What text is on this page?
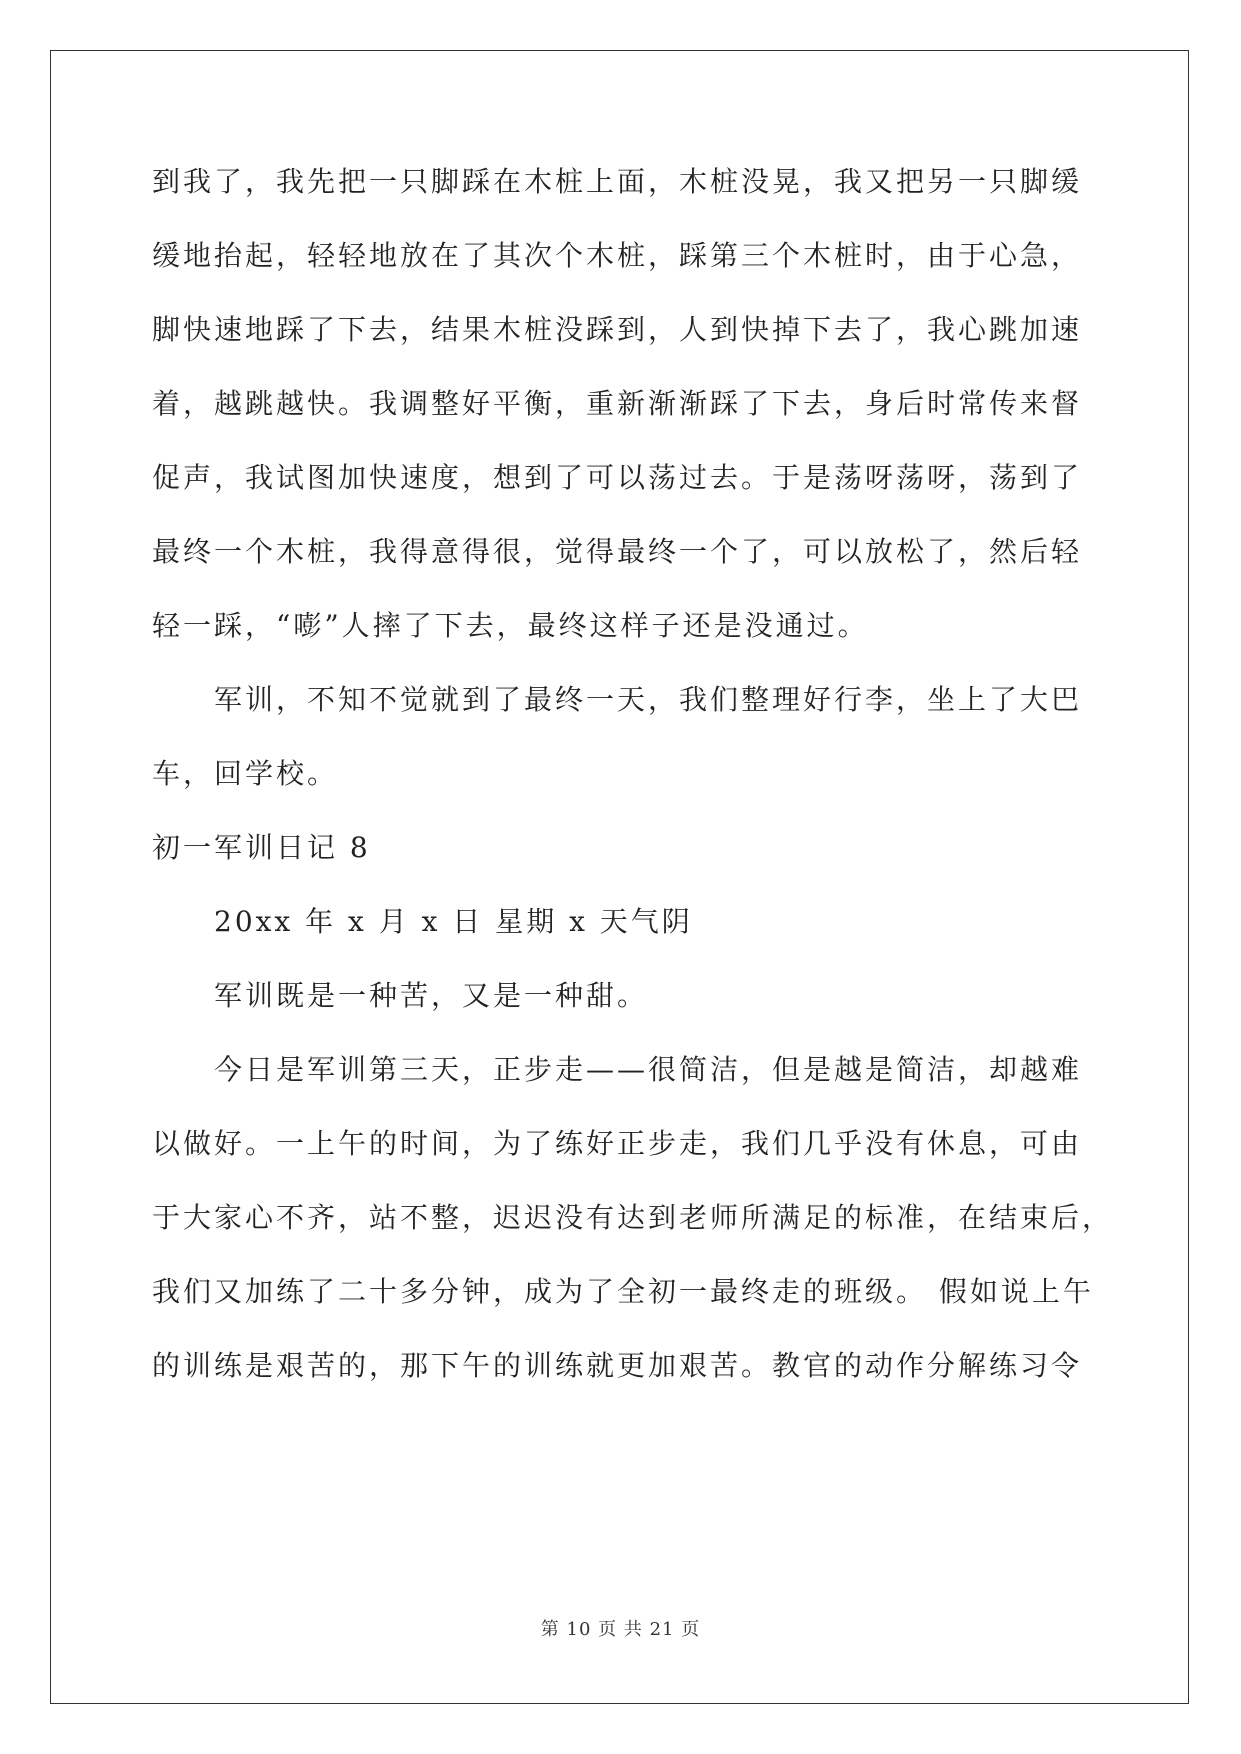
到我了，我先把一只脚踩在木桩上面，木桩没晃，我又把另一只脚缓
缓地抬起，轻轻地放在了其次个木桩，踩第三个木桩时，由于心急，
脚快速地踩了下去，结果木桩没踩到，人到快掉下去了，我心跳加速
着，越跳越快。我调整好平衡，重新渐渐踩了下去，身后时常传来督
促声，我试图加快速度，想到了可以荡过去。于是荡呀荡呀，荡到了
最终一个木桩，我得意得很，觉得最终一个了，可以放松了，然后轻
轻一踩，“嘭”人摔了下去，最终这样子还是没通过。
军训，不知不觉就到了最终一天，我们整理好行李，坐上了大巴
车，回学校。
初一军训日记 8
20xx 年 x 月 x 日 星期 x 天气阴
军训既是一种苦，又是一种甜。
今日是军训第三天，正步走——很简洁，但是越是简洁，却越难
以做好。一上午的时间，为了练好正步走，我们几乎没有休息，可由
于大家心不齐，站不整，迟迟没有达到老师所满足的标准，在结束后，
我们又加练了二十多分钟，成为了全初一最终走的班级。 假如说上午
的训练是艰苦的，那下午的训练就更加艰苦。教官的动作分解练习令
第 10 页 共 21 页
